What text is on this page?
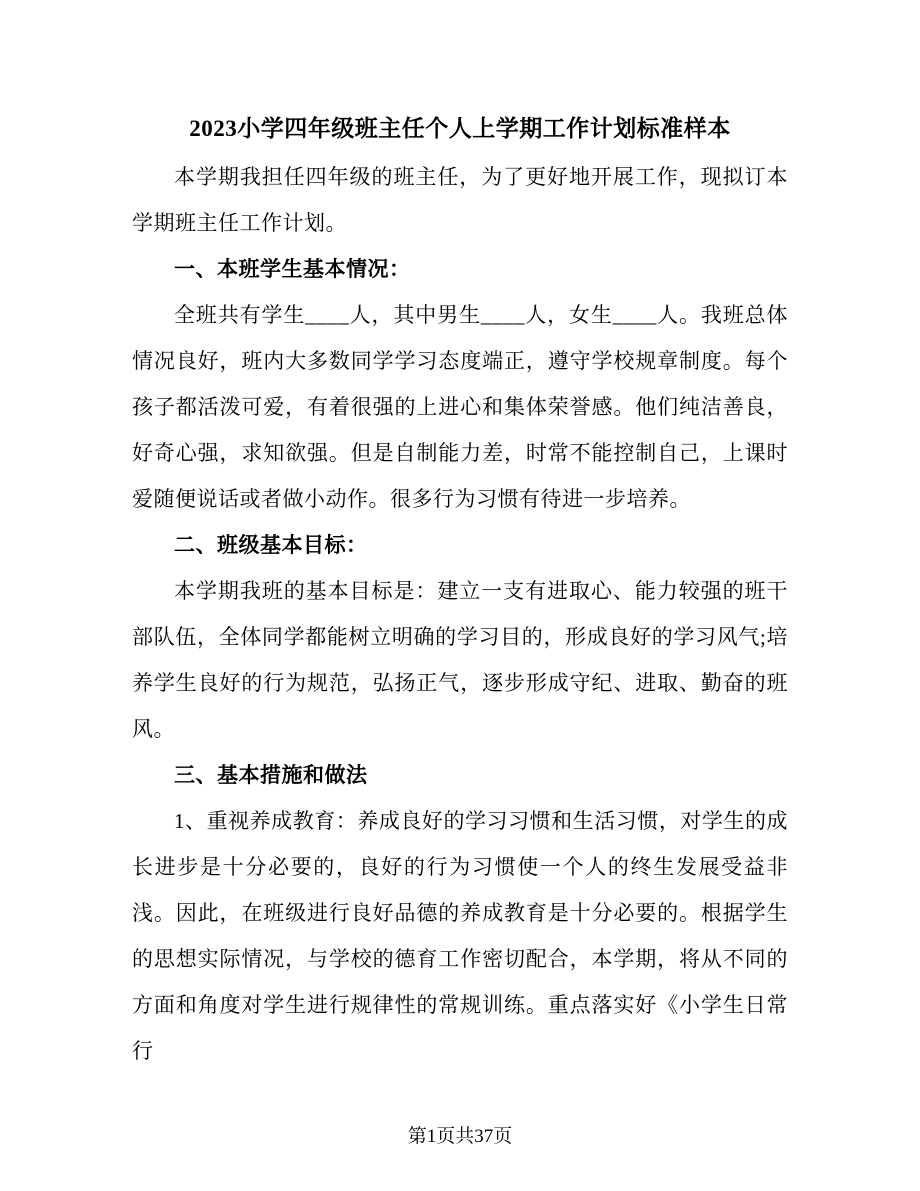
2023小学四年级班主任个人上学期工作计划标准样本

本学期我担任四年级的班主任，为了更好地开展工作，现拟订本学期班主任工作计划。

一、本班学生基本情况：

全班共有学生____人，其中男生____人，女生____人。我班总体情况良好，班内大多数同学学习态度端正，遵守学校规章制度。每个孩子都活泼可爱，有着很强的上进心和集体荣誉感。他们纯洁善良，好奇心强，求知欲强。但是自制能力差，时常不能控制自己，上课时爱随便说话或者做小动作。很多行为习惯有待进一步培养。

二、班级基本目标：

本学期我班的基本目标是：建立一支有进取心、能力较强的班干部队伍，全体同学都能树立明确的学习目的，形成良好的学习风气;培养学生良好的行为规范，弘扬正气，逐步形成守纪、进取、勤奋的班风。

三、基本措施和做法

1、重视养成教育：养成良好的学习习惯和生活习惯，对学生的成长进步是十分必要的，良好的行为习惯使一个人的终生发展受益非浅。因此，在班级进行良好品德的养成教育是十分必要的。根据学生的思想实际情况，与学校的德育工作密切配合，本学期，将从不同的方面和角度对学生进行规律性的常规训练。重点落实好《小学生日常行

第1页共37页
